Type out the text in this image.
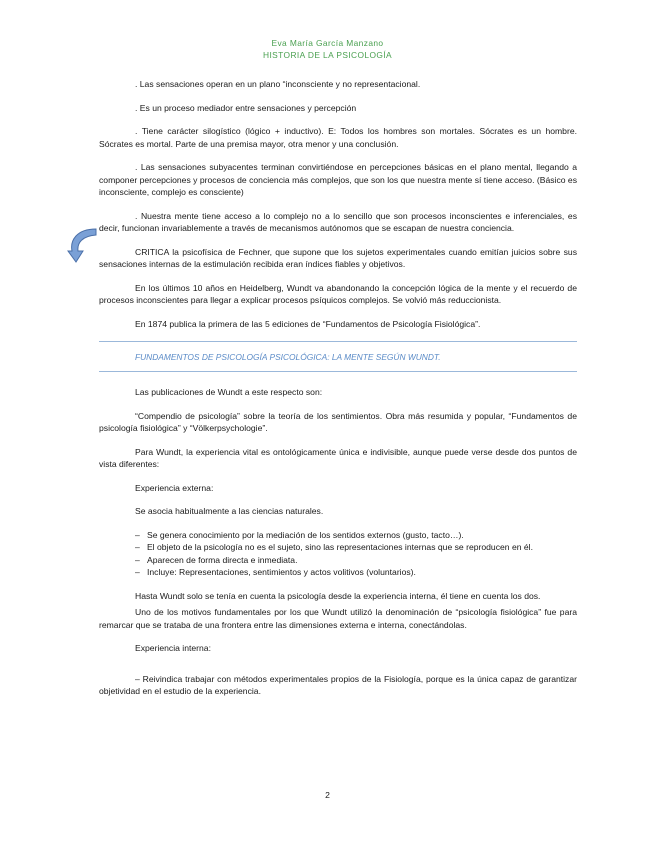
Eva María García Manzano
HISTORIA DE LA PSICOLOGÍA

. Las sensaciones operan en un plano “inconsciente y no representacional.

. Es un proceso mediador entre sensaciones y percepción

. Tiene carácter silogístico (lógico + inductivo). E: Todos los hombres son mortales. Sócrates es un hombre. Sócrates es mortal. Parte de una premisa mayor, otra menor y una conclusión.

. Las sensaciones subyacentes terminan convirtiéndose en percepciones básicas en el plano mental, llegando a componer percepciones y procesos de conciencia más complejos, que son los que nuestra mente sí tiene acceso. (Básico es inconsciente, complejo es consciente)

. Nuestra mente tiene acceso a lo complejo no a lo sencillo que son procesos inconscientes e inferenciales, es decir, funcionan invariablemente a través de mecanismos autónomos que se escapan de nuestra conciencia.

CRITICA la psicofísica de Fechner, que supone que los sujetos experimentales cuando emitían juicios sobre sus sensaciones internas de la estimulación recibida eran índices fiables y objetivos.

En los últimos 10 años en Heidelberg, Wundt va abandonando la concepción lógica de la mente y el recuerdo de procesos inconscientes para llegar a explicar procesos psíquicos complejos. Se volvió más reduccionista.

En 1874 publica la primera de las 5 ediciones de “Fundamentos de Psicología Fisiológica”.

FUNDAMENTOS DE PSICOLOGÍA PSICOLÓGICA: LA MENTE SEGÚN WUNDT.

Las publicaciones de Wundt a este respecto son:

“Compendio de psicología” sobre la teoría de los sentimientos. Obra más resumida y popular, “Fundamentos de psicología fisiológica” y “Völkerpsychologie”.

Para Wundt, la experiencia vital es ontológicamente única e indivisible, aunque puede verse desde dos puntos de vista diferentes:

Experiencia externa:

Se asocia habitualmente a las ciencias naturales.

– Se genera conocimiento por la mediación de los sentidos externos (gusto, tacto…).

– El objeto de la psicología no es el sujeto, sino las representaciones internas que se reproducen en él.

– Aparecen de forma directa e inmediata.

– Incluye: Representaciones, sentimientos y actos volitivos (voluntarios).

Hasta Wundt solo se tenía en cuenta la psicología desde la experiencia interna, él tiene en cuenta los dos.

Uno de los motivos fundamentales por los que Wundt utilizó la denominación de “psicología fisiológica” fue para remarcar que se trataba de una frontera entre las dimensiones externa e interna, conectándolas.

Experiencia interna:

– Reivindica trabajar con métodos experimentales propios de la Fisiología, porque es la única capaz de garantizar objetividad en el estudio de la experiencia.

2
